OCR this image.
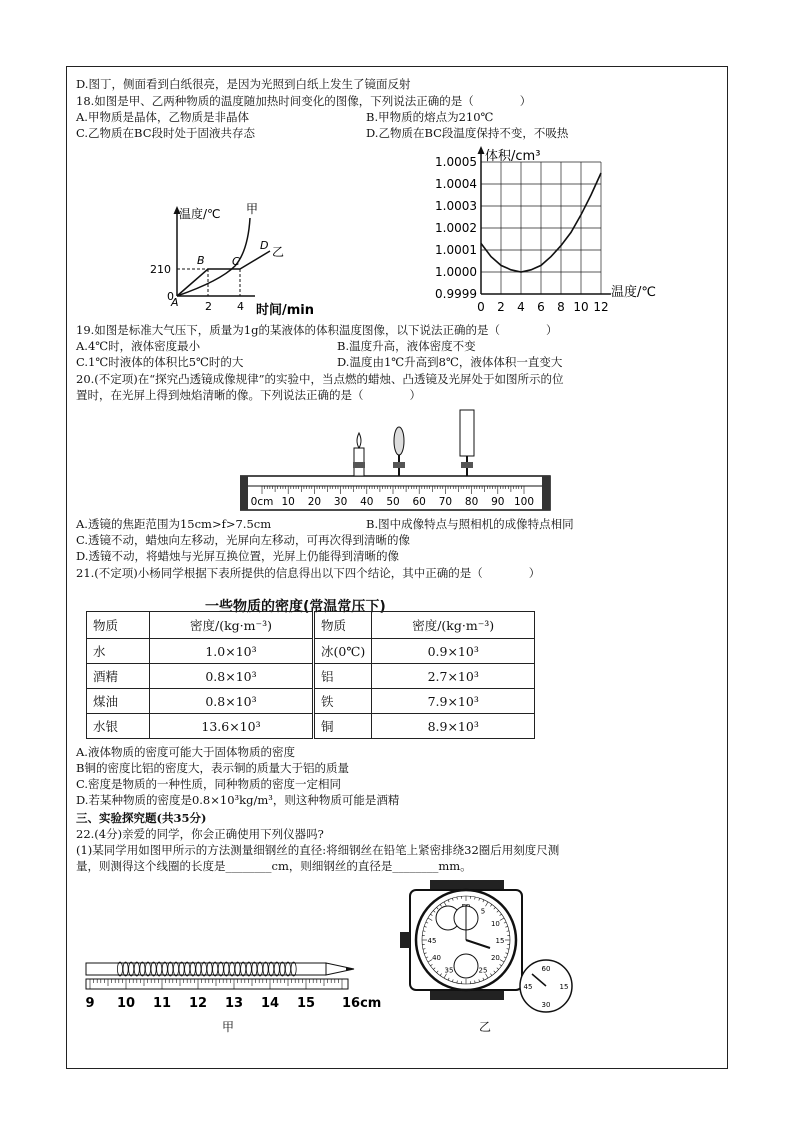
D.图丁，侧面看到白纸很亮，是因为光照到白纸上发生了镜面反射
18.如图是甲、乙两种物质的温度随加热时间变化的图像，下列说法正确的是（　　　　）
A.甲物质是晶体，乙物质是非晶体	B.甲物质的熔点为210℃
C.乙物质在BC段时处于固液共存态	D.乙物质在BC段温度保持不变，不吸热
温度/℃
210
0
2 4 时间/min
A
B C
D
甲
乙
1.0005
1.0004
1.0003
1.0002
1.0001
1.0000
0.9999
0 2 4 6 8 10 12
体积/cm³
温度/℃
19.如图是标准大气压下，质量为1g的某液体的体积温度图像，以下说法正确的是（　　　　）
A.4℃时，液体密度最小	B.温度升高，液体密度不变
C.1℃时液体的体积比5℃时的大	D.温度由1℃升高到8℃，液体体积一直变大
20.(不定项)在“探究凸透镜成像规律”的实验中，当点燃的蜡烛、凸透镜及光屏处于如图所示的位
置时，在光屏上得到烛焰清晰的像。下列说法正确的是（　　　　）
0cm 10 20 30 40 50 60 70 80 90 100
A.透镜的焦距范围为15cm>f>7.5cm	B.图中成像特点与照相机的成像特点相同
C.透镜不动，蜡烛向左移动，光屏向左移动，可再次得到清晰的像
D.透镜不动，将蜡烛与光屏互换位置，光屏上仍能得到清晰的像
21.(不定项)小杨同学根据下表所提供的信息得出以下四个结论，其中正确的是（　　　　）
一些物质的密度(常温常压下)
物质	密度/(kg·m⁻³)	物质	密度/(kg·m⁻³)
水	1.0×10³	冰(0℃)	0.9×10³
酒精	0.8×10³	铝	2.7×10³
煤油	0.8×10³	铁	7.9×10³
水银	13.6×10³	铜	8.9×10³
A.液体物质的密度可能大于固体物质的密度
B铜的密度比铝的密度大，表示铜的质量大于铝的质量
C.密度是物质的一种性质，同种物质的密度一定相同
D.若某种物质的密度是0.8×10³kg/m³，则这种物质可能是酒精
三、实验探究题(共35分)
22.(4分)亲爱的同学，你会正确使用下列仪器吗?
(1)某同学用如图甲所示的方法测量细钢丝的直径:将细钢丝在铅笔上紧密排绕32圈后用刻度尺测
量，则测得这个线圈的长度是________cm，则细钢丝的直径是________mm。
9 10 11 12 13 14 15 16cm
甲
5
10
15
20
25
35
40
45
60
15
30
45
乙
